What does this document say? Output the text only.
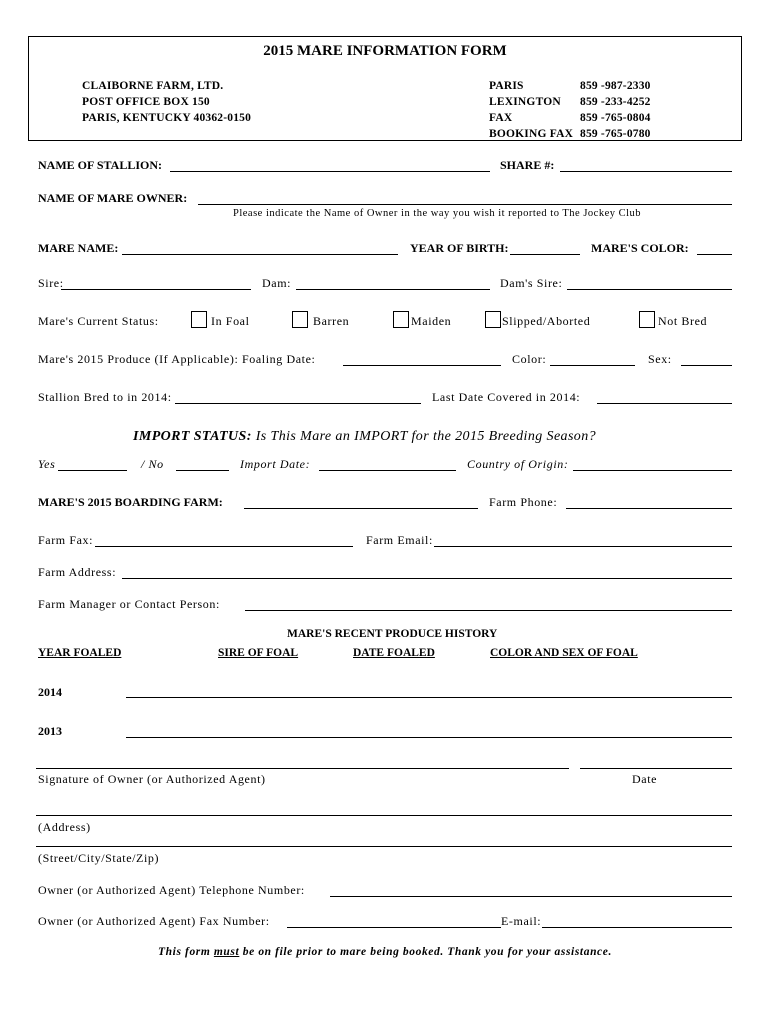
2015 MARE INFORMATION FORM
CLAIBORNE FARM, LTD.
POST OFFICE BOX 150
PARIS, KENTUCKY 40362-0150
PARIS	859 -987-2330
LEXINGTON 859 -233-4252
FAX	859 -765-0804
BOOKING FAX 859 -765-0780
NAME OF STALLION:	SHARE #:
NAME OF MARE OWNER:
Please indicate the Name of Owner in the way you wish it reported to The Jockey Club
MARE NAME:	YEAR OF BIRTH:	MARE'S COLOR:
Sire:	Dam:	Dam's Sire:
Mare's Current Status:	In Foal	Barren	Maiden	Slipped/Aborted	Not Bred
Mare's 2015 Produce (If Applicable): Foaling Date:	Color:	Sex:
Stallion Bred to in 2014:	Last Date Covered in 2014:
IMPORT STATUS: Is This Mare an IMPORT for the 2015 Breeding Season?
Yes	/ No	Import Date:	Country of Origin:
MARE'S 2015 BOARDING FARM:	Farm Phone:
Farm Fax:	Farm Email:
Farm Address:
Farm Manager or Contact Person:
MARE'S RECENT PRODUCE HISTORY
YEAR FOALED	SIRE OF FOAL	DATE FOALED	COLOR AND SEX OF FOAL
2014
2013
Signature of Owner (or Authorized Agent)	Date
(Address)
(Street/City/State/Zip)
Owner (or Authorized Agent) Telephone Number:
Owner (or Authorized Agent) Fax Number:	E-mail:
This form must be on file prior to mare being booked. Thank you for your assistance.
